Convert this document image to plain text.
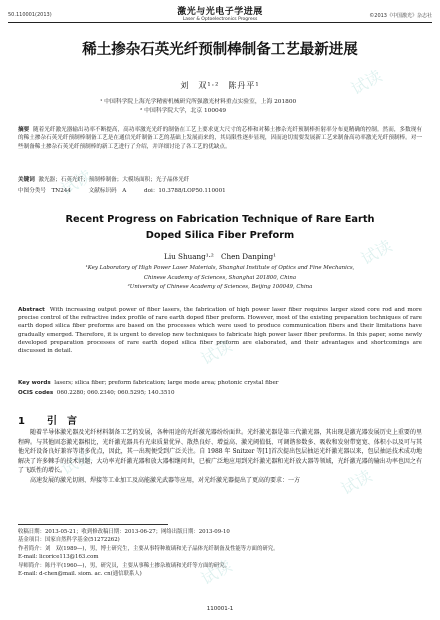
50.110001(2013)	激光与光电子学进展
Laser & Optoelectronics Progress
©2013《中国激光》杂志社
稀土掺杂石英光纤预制棒制备工艺最新进展
刘　双¹·²　陈丹平¹
¹ 中国科学院上海光学精密机械研究所强激光材料重点实验室，上海 201800
² 中国科学院大学，北京 100049
摘要 随着光纤激光器输出功率不断提高，高功率激光光纤的制备在工艺上要求更大尺寸的芯棒和对稀土掺杂光纤预制棒折射率分布更精确的控制。然而，多数现有的稀土掺杂石英光纤预制棒制备工艺是在通信光纤制备工艺的基础上发展而来的，其局限性逐步显现，因而迫切需要发展新工艺来制备高功率激光光纤预制棒。对一些制备稀土掺杂石英光纤预制棒的新工艺进行了介绍，并详细讨论了各工艺的优缺点。
关键词 激光器；石英光纤；预制棒制备；大模场面积；光子晶体光纤
中图分类号　TN244	文献标识码　A	doi：10.3788/LOP50.110001
Recent Progress on Fabrication Technique of Rare Earth
Doped Silica Fiber Preform
Liu Shuang¹·²　Chen Danping¹
¹Key Laboratory of High Power Laser Materials, Shanghai Institute of Optics and Fine Mechanics,
Chinese Academy of Sciences, Shanghai 201800, China
²University of Chinese Academy of Sciences, Beijing 100049, China
Abstract With increasing output power of fiber lasers, the fabrication of high power laser fiber requires larger sized core rod and more precise control of the refractive index profile of rare earth doped fiber preform. However, most of the existing preparation techniques of rare earth doped silica fiber preforms are based on the processes which were used to produce communication fibers and their limitations have gradually emerged. Therefore, it is urgent to develop new techniques to fabricate high power laser fiber preforms. In this paper, some newly developed preparation processes of rare earth doped silica fiber preform are elaborated, and their advantages and shortcomings are discussed in detail.
Key words lasers; silica fiber; preform fabrication; large mode area; photonic crystal fiber
OCIS codes 060.2280; 060.2340; 060.5295; 140.3510
1 引　言
随着半导体激光器及光纤材料制备工艺的发展，各种用途的光纤激光器纷纷面世。光纤激光器是第三代激光器，其出现是激光器发展历史上重要的里程碑。与其他固态激光器相比，光纤激光器具有光束质量优异、散热良好、增益高、激光阈值低、可调谐参数多、吸收和发射带宽宽、体积小以及可与其他光纤设备良好兼容等诸多优点，因此，其一出现便受到广泛关注。自 1988 年 Snitzer 等[1]首次提出包层抽运光纤激光器以来，包层抽运技术成功地解决了许多棘手的技术问题，大功率光纤激光器和放大器相继问世，已被广泛地应用到光纤激光器和光纤放大器等领域，光纤激光器的输出功率也因之有了飞跃性的增长。
高速发展的激光切割、焊接等工业加工及高能激光武器等应用，对光纤激光器提出了更高的要求：一方
收稿日期：2013-05-21；收到修改稿日期：2013-06-27；网络出版日期：2013-09-10
基金项目：国家自然科学基金(51272262)
作者简介：刘　双(1989—)，男，博士研究生，主要从事特种玻璃和光子晶体光纤制备及性能等方面的研究。
E-mail: licorice113@163.com
导师简介：陈丹平(1960—)，男，研究员，主要从事稀土掺杂玻璃和光纤等方面的研究。
E-mail: d-chen@mail. siom. ac. cn(通信联系人)
110001-1
试读
试读
试读
试读
试读
试读
试读
